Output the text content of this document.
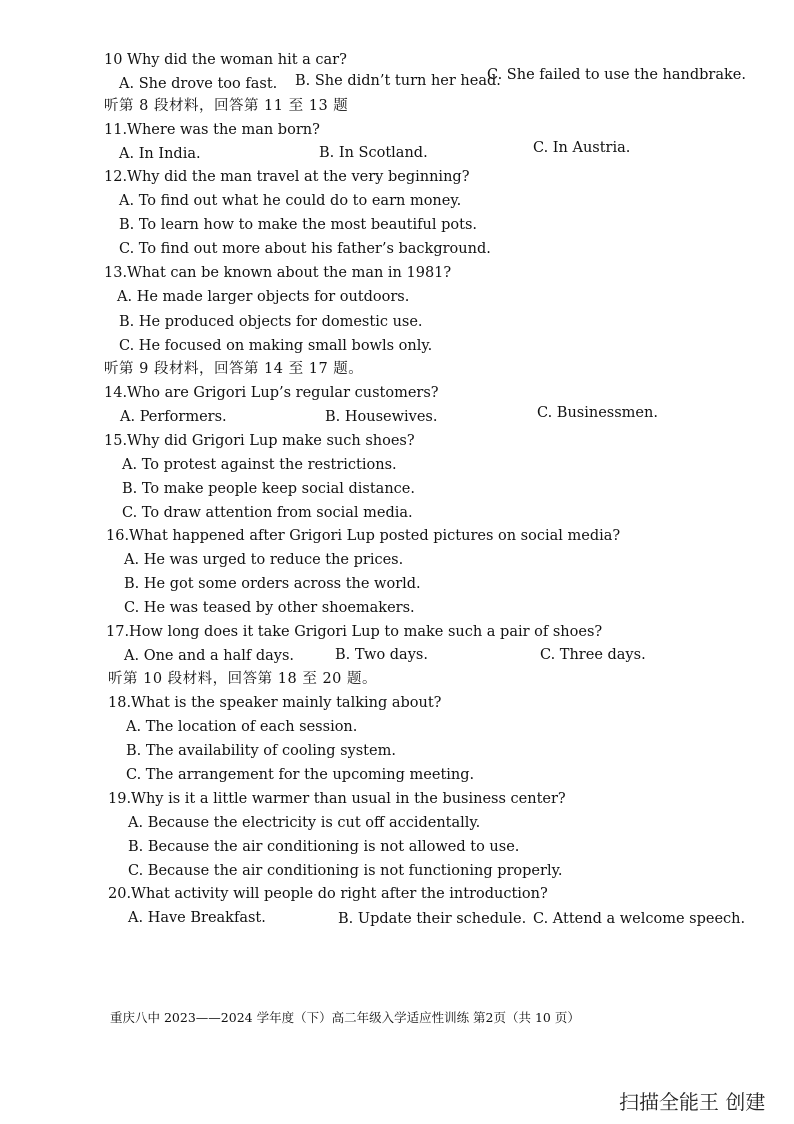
10 Why did the woman hit a car?
A. She drove too fast. B. She didn’t turn her head.
C. She failed to use the handbrake.
听第 8 段材料，回答第 11 至 13 题
11.Where was the man born?
A. In India.	B. In Scotland.	C. In Austria.
12.Why did the man travel at the very beginning?
A. To find out what he could do to earn money.
B. To learn how to make the most beautiful pots.
C. To find out more about his father’s background.
13.What can be known about the man in 1981?
A. He made larger objects for outdoors.
B. He produced objects for domestic use.
C. He focused on making small bowls only.
听第 9 段材料，回答第 14 至 17 题。
14.Who are Grigori Lup’s regular customers?
A. Performers.	B. Housewives.	C. Businessmen.
15.Why did Grigori Lup make such shoes?
A. To protest against the restrictions.
B. To make people keep social distance.
C. To draw attention from social media.
16.What happened after Grigori Lup posted pictures on social media?
A. He was urged to reduce the prices.
B. He got some orders across the world.
C. He was teased by other shoemakers.
17.How long does it take Grigori Lup to make such a pair of shoes?
A. One and a half days.	B. Two days.	C. Three days.
听第 10 段材料，回答第 18 至 20 题。
18.What is the speaker mainly talking about?
A. The location of each session.
B. The availability of cooling system.
C. The arrangement for the upcoming meeting.
19.Why is it a little warmer than usual in the business center?
A. Because the electricity is cut off accidentally.
B. Because the air conditioning is not allowed to use.
C. Because the air conditioning is not functioning properly.
20.What activity will people do right after the introduction?
A. Have Breakfast.	B. Update their schedule. C. Attend a welcome speech.
重庆八中 2023——2024 学年度（下）高二年级入学适应性训练 第2页（共 10 页）
扫描全能王 创建
